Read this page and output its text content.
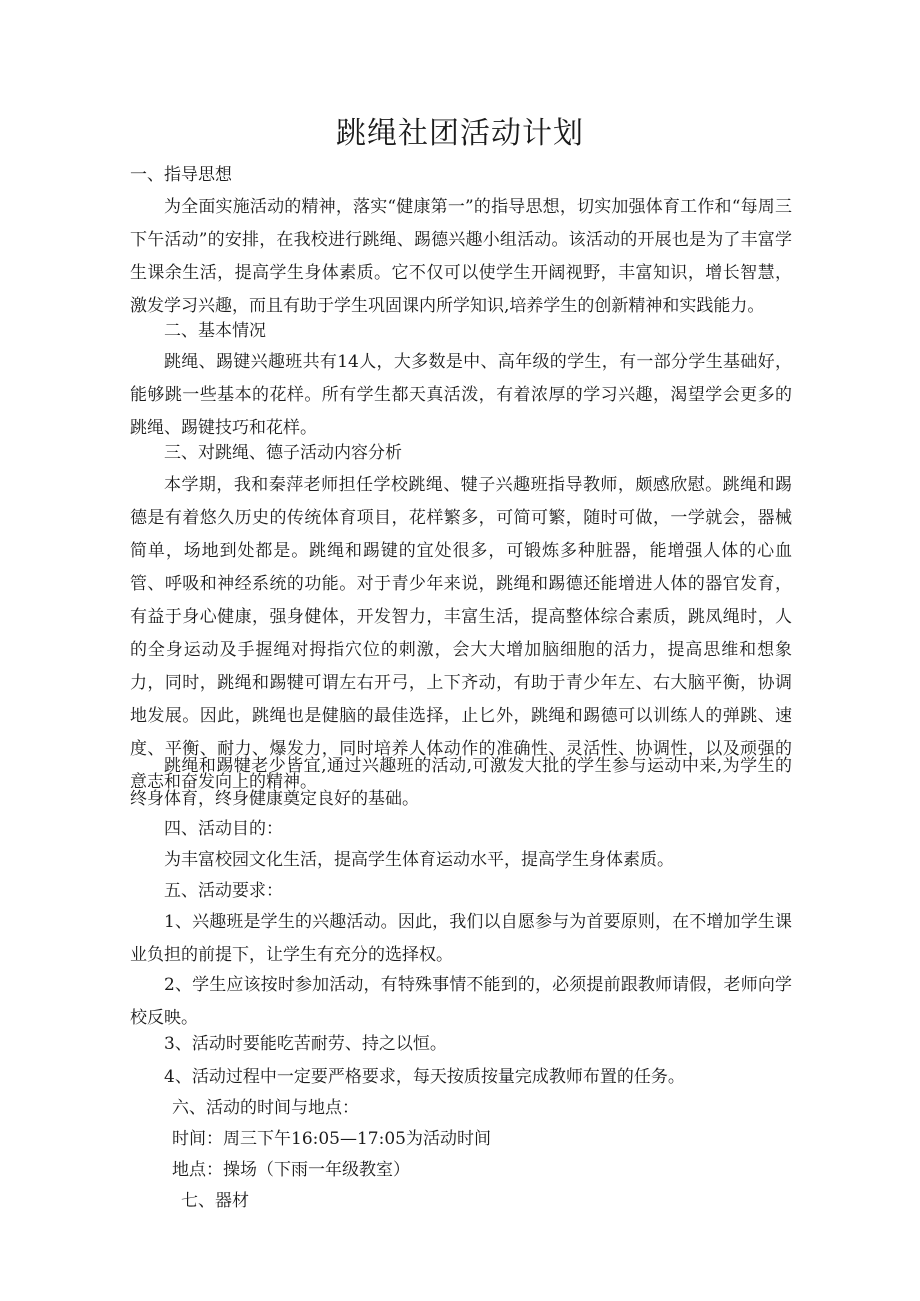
跳绳社团活动计划
一、指导思想

为全面实施活动的精神，落实“健康第一”的指导思想，切实加强体育工作和“每周三下午活动”的安排，在我校进行跳绳、踢德兴趣小组活动。该活动的开展也是为了丰富学生课余生活，提高学生身体素质。它不仅可以使学生开阔视野，丰富知识，增长智慧，激发学习兴趣，而且有助于学生巩固课内所学知识,培养学生的创新精神和实践能力。

二、基本情况

跳绳、踢键兴趣班共有14人，大多数是中、高年级的学生，有一部分学生基础好，能够跳一些基本的花样。所有学生都天真活泼，有着浓厚的学习兴趣，渴望学会更多的跳绳、踢键技巧和花样。

三、对跳绳、德子活动内容分析

本学期，我和秦萍老师担任学校跳绳、犍子兴趣班指导教师，颇感欣慰。跳绳和踢德是有着悠久历史的传统体育项目，花样繁多，可简可繁，随时可做，一学就会，器械简单，场地到处都是。跳绳和踢键的宜处很多，可锻炼多种脏器，能增强人体的心血管、呼吸和神经系统的功能。对于青少年来说，跳绳和踢德还能增进人体的器官发育，有益于身心健康，强身健体，开发智力，丰富生活，提高整体综合素质，跳凤绳时，人的全身运动及手握绳对拇指穴位的刺激，会大大增加脑细胞的活力，提高思维和想象力，同时，跳绳和踢犍可谓左右开弓，上下齐动，有助于青少年左、右大脑平衡，协调地发展。因此，跳绳也是健脑的最佳选择，止匕外，跳绳和踢德可以训练人的弹跳、速度、平衡、耐力、爆发力，同时培养人体动作的准确性、灵活性、协调性，以及顽强的意志和奋发向上的精神。

跳绳和踢犍老少皆宜,通过兴趣班的活动,可激发大批的学生参与运动中来,为学生的终身体育，终身健康奠定良好的基础。

四、活动目的：
为丰富校园文化生活，提高学生体育运动水平，提高学生身体素质。
五、活动要求：

1、兴趣班是学生的兴趣活动。因此，我们以自愿参与为首要原则，在不增加学生课业负担的前提下，让学生有充分的选择权。

2、学生应该按时参加活动，有特殊事情不能到的，必须提前跟教师请假，老师向学校反映。

3、活动时要能吃苦耐劳、持之以恒。
4、活动过程中一定要严格要求，每天按质按量完成教师布置的任务。
六、活动的时间与地点：
时间：周三下午16:05—17:05为活动时间
地点：操场（下雨一年级教室）
七、器材
